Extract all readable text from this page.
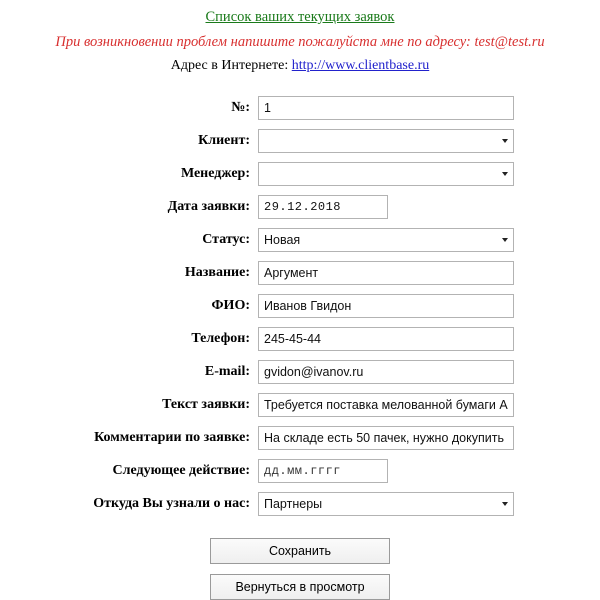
Список ваших текущих заявок
При возникновении проблем напишите пожалуйста мне по адресу: test@test.ru
Адрес в Интернете: http://www.clientbase.ru
№:
1
Клиент:
Менеджер:
Дата заявки:
29.12.2018
Статус:	Новая
Название:
Аргумент
ФИО:
Иванов Гвидон
Телефон:
245-45-44
E-mail:
gvidon@ivanov.ru
Текст заявки:
Требуется поставка мелованной бумаги А4, п
Комментарии по заявке:
На складе есть 50 пачек, нужно докупить
Следующее действие:
дд.мм.гггг
Откуда Вы узнали о нас:	Партнеры
Сохранить
Вернуться в просмотр
